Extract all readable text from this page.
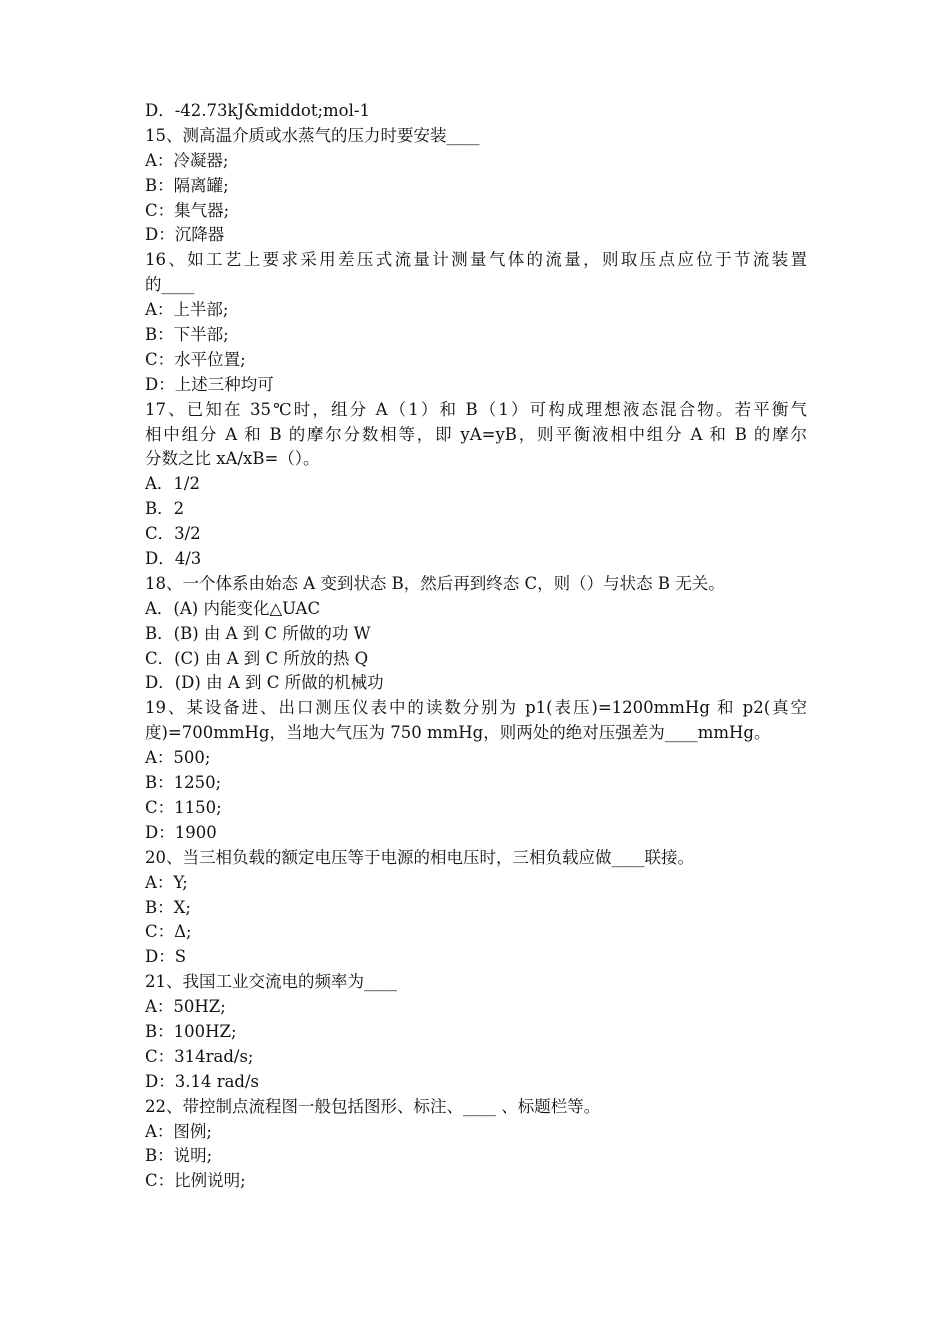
D．-42.73kJ&middot;mol-1
15、测高温介质或水蒸气的压力时要安装____
A：冷凝器;
B：隔离罐;
C：集气器;
D：沉降器
16、如工艺上要求采用差压式流量计测量气体的流量，则取压点应位于节流装置
的____
A：上半部;
B：下半部;
C：水平位置;
D：上述三种均可
17、已知在 35℃时，组分 A（1）和 B（1）可构成理想液态混合物。若平衡气
相中组分 A 和 B 的摩尔分数相等，即 yA=yB，则平衡液相中组分 A 和 B 的摩尔
分数之比 xA/xB=（）。
A．1/2
B．2
C．3/2
D．4/3
18、一个体系由始态 A 变到状态 B，然后再到终态 C，则（）与状态 B 无关。
A．(A) 内能变化△UAC
B．(B) 由 A 到 C 所做的功 W
C．(C) 由 A 到 C 所放的热 Q
D．(D) 由 A 到 C 所做的机械功
19、某设备进、出口测压仪表中的读数分别为 p1(表压)=1200mmHg 和 p2(真空
度)=700mmHg，当地大气压为 750 mmHg，则两处的绝对压强差为____mmHg。
A：500;
B：1250;
C：1150;
D：1900
20、当三相负载的额定电压等于电源的相电压时，三相负载应做____联接。
A：Y;
B：X;
C：Δ;
D：S
21、我国工业交流电的频率为____
A：50HZ;
B：100HZ;
C：314rad/s;
D：3.14 rad/s
22、带控制点流程图一般包括图形、标注、____ 、标题栏等。
A：图例;
B：说明;
C：比例说明;
